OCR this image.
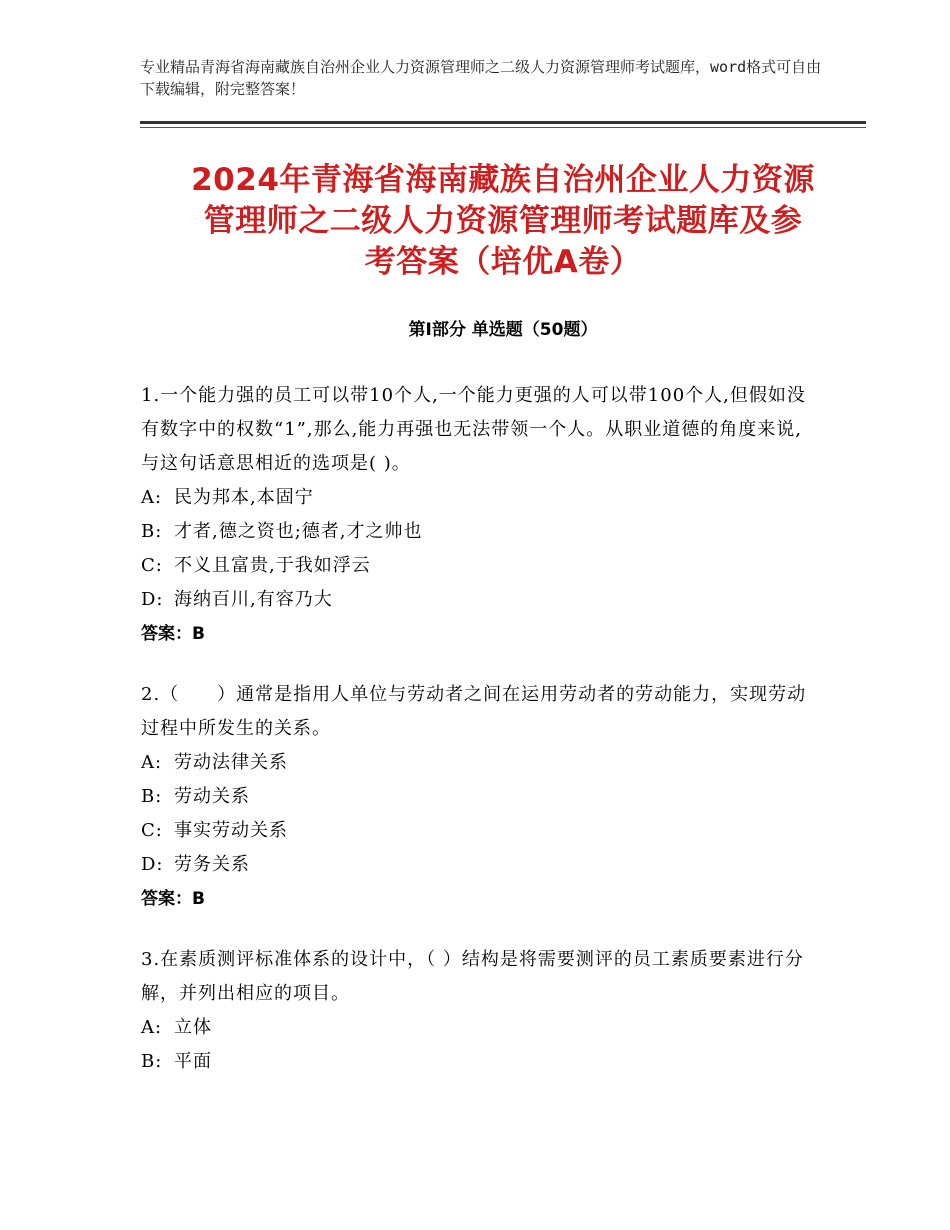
专业精品青海省海南藏族自治州企业人力资源管理师之二级人力资源管理师考试题库，word格式可自由下载编辑，附完整答案！
2024年青海省海南藏族自治州企业人力资源
管理师之二级人力资源管理师考试题库及参
考答案（培优A卷）
第Ⅰ部分 单选题（50题）
1.一个能力强的员工可以带10个人,一个能力更强的人可以带100个人,但假如没有数字中的权数“1”,那么,能力再强也无法带领一个人。从职业道德的角度来说,与这句话意思相近的选项是( )。
A: 民为邦本,本固宁
B: 才者,德之资也;德者,才之帅也
C: 不义且富贵,于我如浮云
D: 海纳百川,有容乃大
答案：B
2.（　　）通常是指用人单位与劳动者之间在运用劳动者的劳动能力，实现劳动过程中所发生的关系。
A: 劳动法律关系
B: 劳动关系
C: 事实劳动关系
D: 劳务关系
答案：B
3.在素质测评标准体系的设计中，（ ）结构是将需要测评的员工素质要素进行分解，并列出相应的项目。
A: 立体
B: 平面
